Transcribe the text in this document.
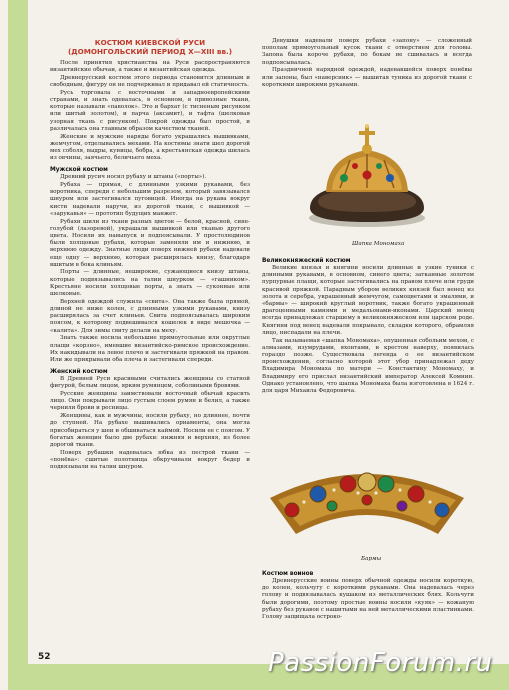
КОСТЮМ КИЕВСКОЙ РУСИ
(ДОМОНГОЛЬСКИЙ ПЕРИОД X—XIII вв.)

После принятия христианства на Руси распространяются византийские обычаи, а также и византийская одежда.

Древнерусский костюм этого периода становится длинным и свободным, фигуру он не подчеркивал и придавал ей статичность.

Русь торговала с восточными и западноевропейскими странами, и знать одевалась, в основном, в привозные ткани, которые называли «паволок». Это и бархат (с тисненым рисунком или шитый золотом), и парча (аксамит), и тафта (шелковая узорная ткань с рисунком). Покрой одежды был простой, и различалась она главным образом качеством тканей.

Женские и мужские наряды богато украшались вышивками, жемчугом, отделывались мехами. На костюмы знати шел дорогой мех соболя, выдры, куницы, бобра, а крестьянская одежда шилась из овчины, заячьего, беличьего меха.

Мужской костюм

Древний русич носил рубаху и штаны («порты»).

Рубаха — прямая, с длинными узкими рукавами, без воротника, спереди с небольшим разрезом, который завязывался шнуром или застегивался пуговицей. Иногда на рукава вокруг кисти надевали наручи, из дорогой ткани, с вышивкой — «зарукавья» — прототип будущих манжет.

Рубахи шили из ткани разных цветов — белой, красной, сине-голубой (лазоревой), украшали вышивкой или тканью другого цвета. Носили их навыпуск и подпоясывали. У простолюдинов были холщовые рубахи, которые заменяли им и нижнюю, и верхнюю одежду. Знатные люди поверх нижней рубахи надевали еще одну — верхнюю, которая расширялась книзу, благодаря вшитым в бока клиньям.

Порты — длинные, неширокие, сужающиеся книзу штаны, которые подвязывались на талии шнурком — «гашником». Крестьяне носили холщовые порты, а знать — суконные или шелковые.

Верхней одеждой служила «свита». Она также была прямой, длиной не ниже колен, с длинными узкими рукавами, книзу расширялась за счет клиньев. Свита подпоясывалась широким поясом, к которому подвешивался кошелек в виде мешочка — «калита». Для зимы свиту делали на меху.

Знать также носила небольшие прямоугольные или округлые плащи «корзно», имевшие византийско-римское происхождение. Их накидывали на левое плечо и застегивали пряжкой на правом. Или же прикрывали оба плеча и застегивали спереди.

Женский костюм

В Древней Руси красивыми считались женщины со статной фигурой, белым лицом, ярким румянцем, соболиными бровями.

Русские женщины заимствовали восточный обычай красить лицо. Они покрывали лицо густым слоем румян и белил, а также чернили брови и ресницы.

Женщины, как и мужчины, носили рубаху, но длиннее, почти до ступней. На рубахе вышивались орнаменты, она могла присобираться у шеи и обшиваться каймой. Носили ее с поясом. У богатых женщин было две рубахи: нижняя и верхняя, из более дорогой ткани.

Поверх рубашки надевалась юбка из пестрой ткани — «понёва»: сшитые полотнища обкручивали вокруг бедер и подвязывали на талии шнуром.

Девушки надевали поверх рубахи «запону» — сложенный пополам прямоугольный кусок ткани с отверстием для головы. Запона была короче рубахи, по бокам не сшивалась и всегда подпоясывалась.

Праздничной нарядной одеждой, надевавшейся поверх понёвы или запоны, был «наверсник» — вышитая туника из дорогой ткани с короткими широкими рукавами.

Шапка Мономаха
Великокняжеский костюм

Великие князья и княгини носили длинные и узкие туники с длинными рукавами, в основном, синего цвета; затканные золотом пурпурные плащи, которые застегивались на правом плече или груди красивой пряжкой. Парадным убором великих князей был венец из золота и серебра, украшенный жемчугом, самоцветами и эмалями, и «бармы» — широкий круглый воротник, также богато украшенный драгоценными камнями и медальонами-иконами. Царский венец всегда принадлежал старшему в великокняжеском или царском роде. Княгини под венец надевали покрывало, складки которого, обрамляя лицо, ниспадали на плечи.

Так называемая «шапка Мономаха», опушенная собольим мехом, с алмазами, изумрудами, яхонтами, и крестом наверху, появилась гораздо позже. Существовала легенда о ее византийском происхождении, согласно которой этот убор принадлежал деду Владимира Мономаха по матери — Константину Мономаху, и Владимиру его прислал византийский император Алексей Комнин. Однако установлено, что шапка Мономаха была изготовлена в 1624 г. для царя Михаила Федоровича.

Бармы
Костюм воинов

Древнерусские воины поверх обычной одежды носили короткую, до колен, кольчугу с короткими рукавами. Она надевалась через голову и подвязывалась кушаком из металлических блях. Кольчуги были дорогими, поэтому простые воины носили «куяк» — кожаную рубаху без рукавов с нашитыми на ней металлическими пластинками. Голову защищала остроко-

52	PassionForum.ru
